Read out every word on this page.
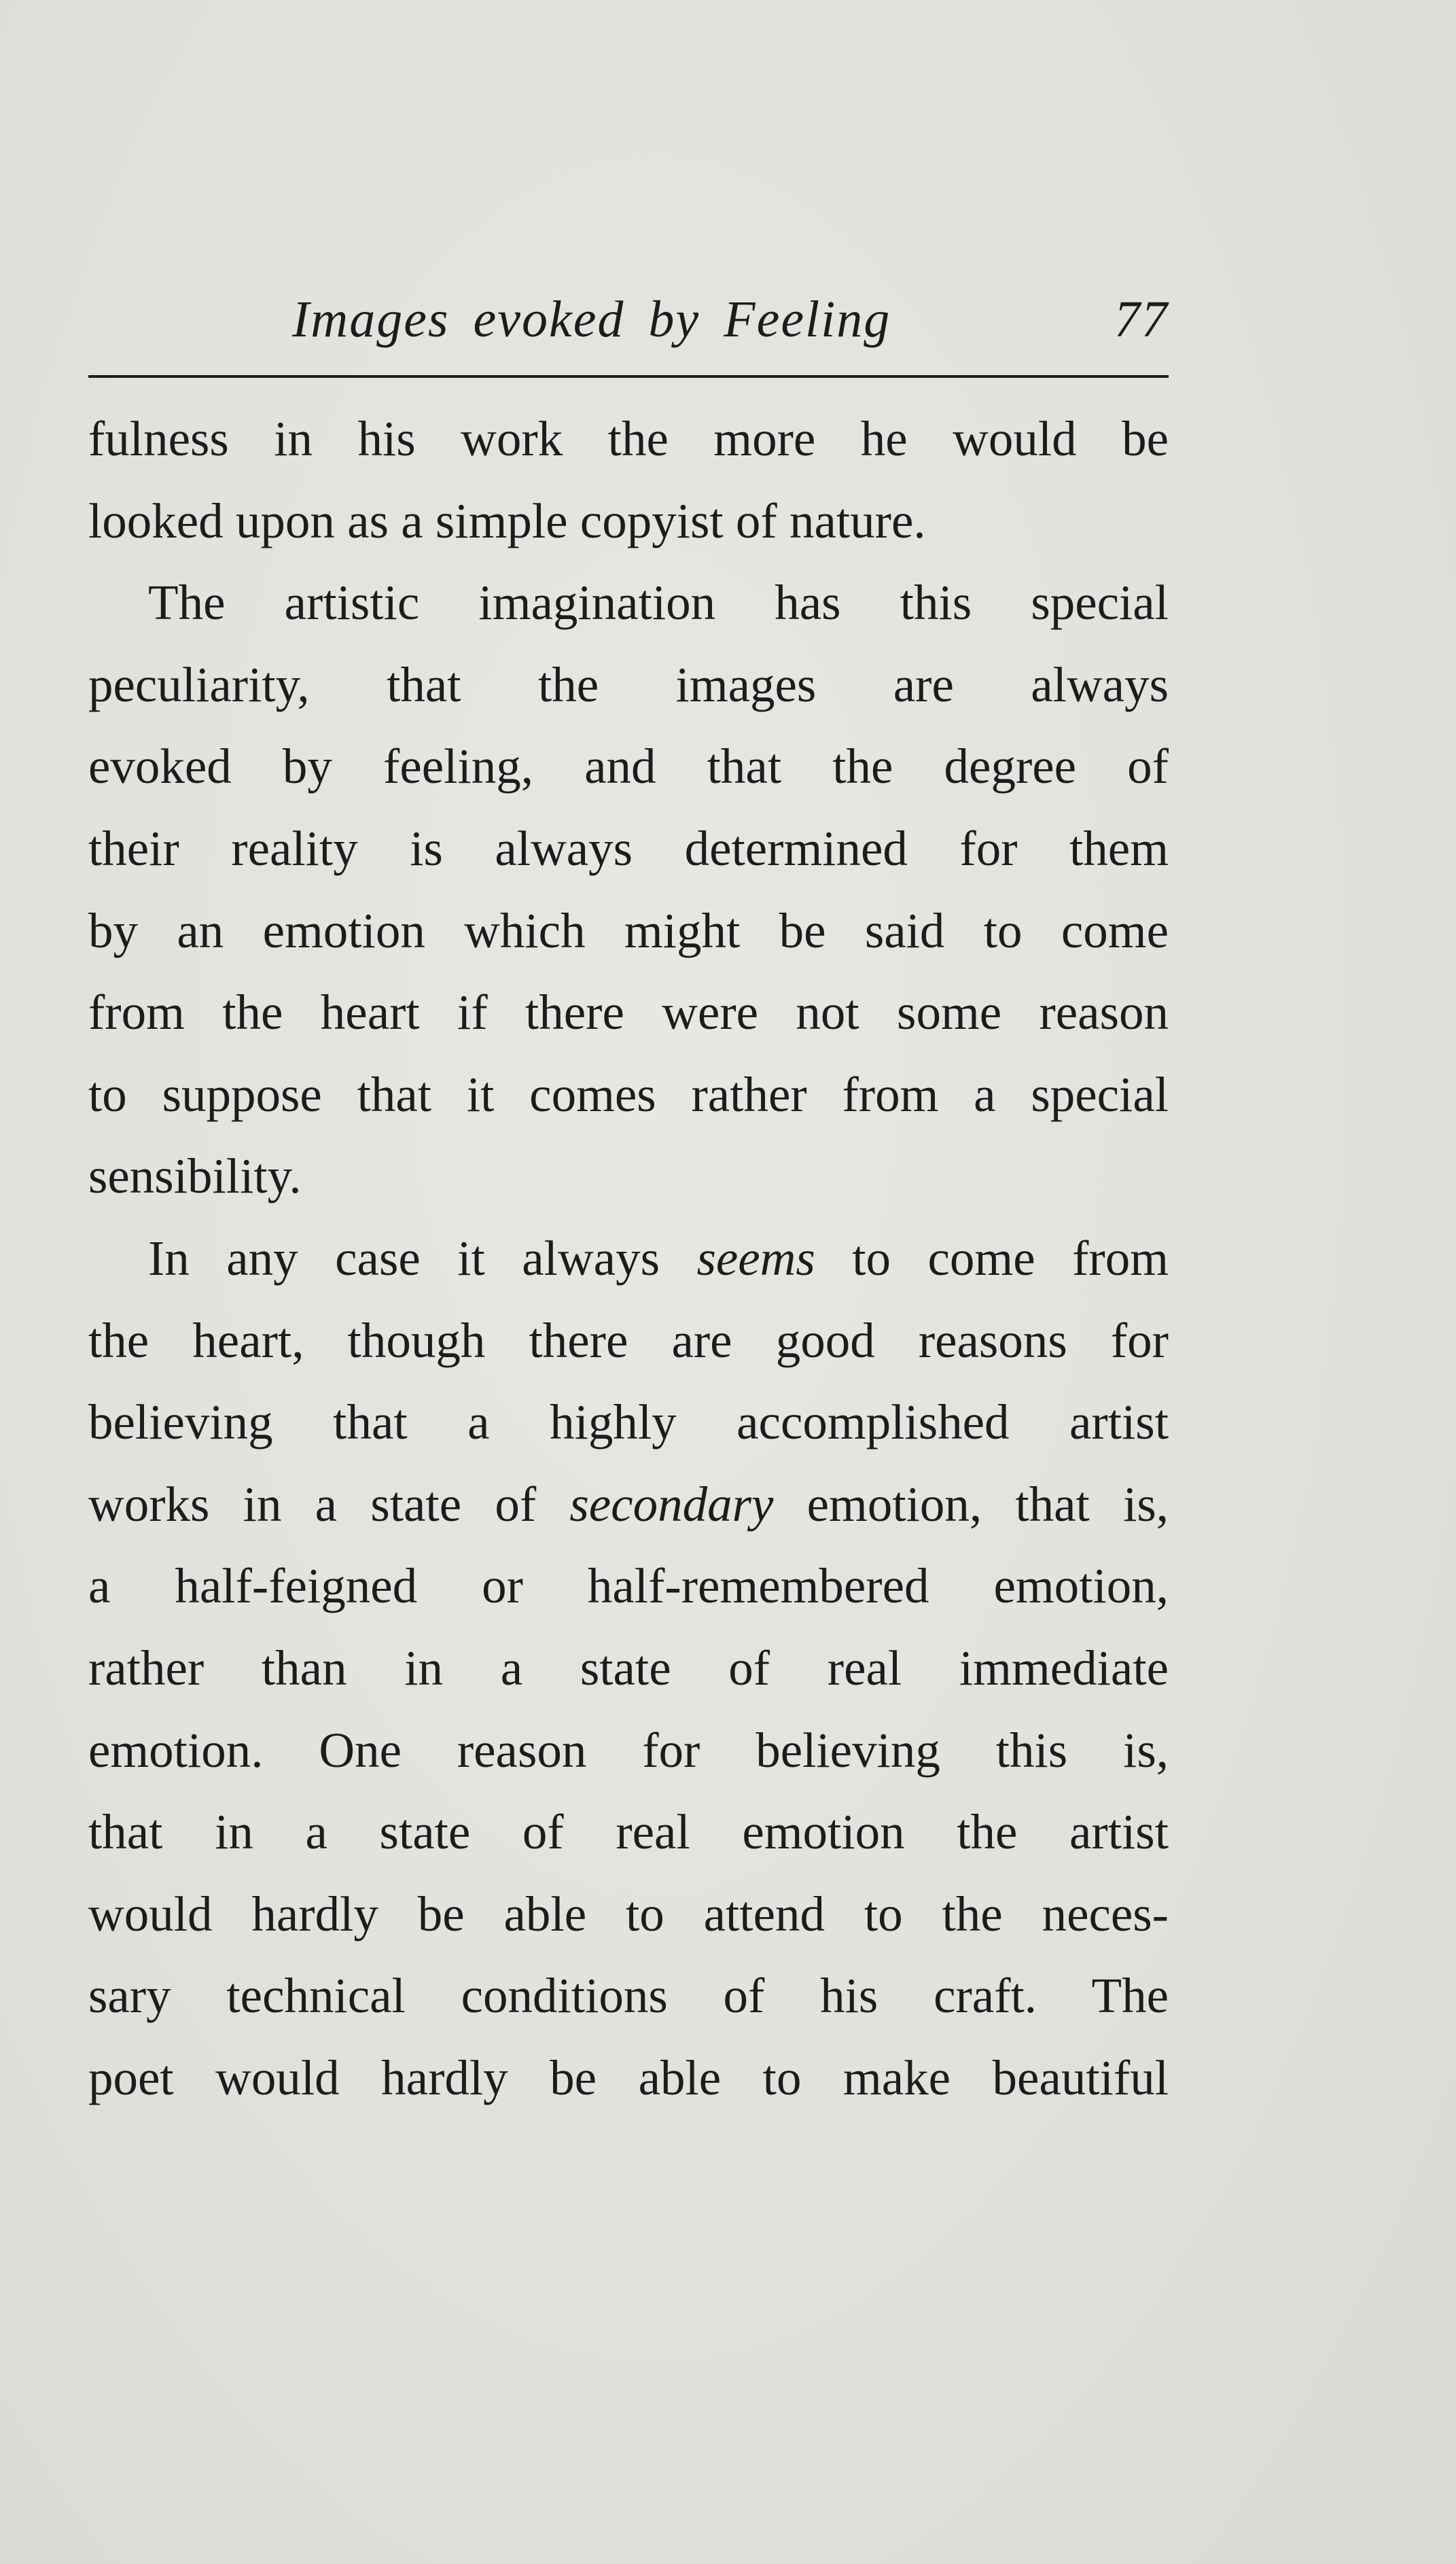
Images evoked by Feeling	77
fulness in his work the more he would be
looked upon as a simple copyist of nature.
The artistic imagination has this special
peculiarity, that the images are always
evoked by feeling, and that the degree of
their reality is always determined for them
by an emotion which might be said to come
from the heart if there were not some reason
to suppose that it comes rather from a special
sensibility.
In any case it always seems to come from
the heart, though there are good reasons for
believing that a highly accomplished artist
works in a state of secondary emotion, that is,
a half-feigned or half-remembered emotion,
rather than in a state of real immediate
emotion. One reason for believing this is,
that in a state of real emotion the artist
would hardly be able to attend to the neces-
sary technical conditions of his craft. The
poet would hardly be able to make beautiful
